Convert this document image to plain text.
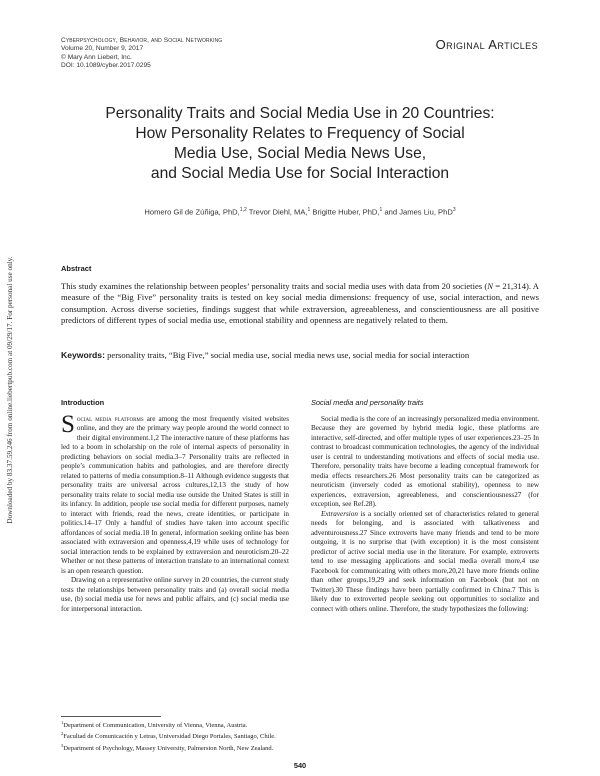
Downloaded by 83.37.59.246 from online.liebertpub.com at 09/29/17. For personal use only.
Cyberpsychology, Behavior, and Social Networking
Volume 20, Number 9, 2017
© Mary Ann Liebert, Inc.
DOI: 10.1089/cyber.2017.0295
Original Articles
Personality Traits and Social Media Use in 20 Countries:
How Personality Relates to Frequency of Social
Media Use, Social Media News Use,
and Social Media Use for Social Interaction
Homero Gil de Zúñiga, PhD,$^{1,2}$ Trevor Diehl, MA,$^1$ Brigitte Huber, PhD,$^1$ and James Liu, PhD$^3$
Abstract
This study examines the relationship between peoples’ personality traits and social media uses with data from 20 societies (N = 21,314). A measure of the “Big Five” personality traits is tested on key social media dimensions: frequency of use, social interaction, and news consumption. Across diverse societies, findings suggest that while extraversion, agreeableness, and conscientiousness are all positive predictors of different types of social media use, emotional stability and openness are negatively related to them.
Keywords: personality traits, “Big Five,” social media use, social media news use, social media for social interaction
Introduction

Social media platforms are among the most frequently visited websites online, and they are the primary way people around the world connect to their digital environment.1,2 The interactive nature of these platforms has led to a boom in scholarship on the role of internal aspects of personality in predicting behaviors on social media.3–7 Personality traits are reflected in people’s communication habits and pathologies, and are therefore directly related to patterns of media consumption.8–11 Although evidence suggests that personality traits are universal across cultures,12,13 the study of how personality traits relate to social media use outside the United States is still in its infancy. In addition, people use social media for different purposes, namely to interact with friends, read the news, create identities, or participate in politics.14–17 Only a handful of studies have taken into account specific affordances of social media.18 In general, information seeking online has been associated with extraversion and openness,4,19 while uses of technology for social interaction tends to be explained by extraversion and neuroticism.20–22 Whether or not these patterns of interaction translate to an international context is an open research question.

Drawing on a representative online survey in 20 countries, the current study tests the relationships between personality traits and (a) overall social media use, (b) social media use for news and public affairs, and (c) social media use for interpersonal interaction.

Social media and personality traits

Social media is the core of an increasingly personalized media environment. Because they are governed by hybrid media logic, these platforms are interactive, self-directed, and offer multiple types of user experiences.23–25 In contrast to broadcast communication technologies, the agency of the individual user is central to understanding motivations and effects of social media use. Therefore, personality traits have become a leading conceptual framework for media effects researchers.26 Most personality traits can be categorized as neuroticism (inversely coded as emotional stability), openness to new experiences, extraversion, agreeableness, and conscientiousness27 (for exception, see Ref.28).

Extraversion is a socially oriented set of characteristics related to general needs for belonging, and is associated with talkativeness and adventurousness.27 Since extroverts have many friends and tend to be more outgoing, it is no surprise that (with exception) it is the most consistent predictor of active social media use in the literature. For example, extroverts tend to use messaging applications and social media overall more,4 use Facebook for communicating with others more,20,21 have more friends online than other groups,19,29 and seek information on Facebook (but not on Twitter).30 These findings have been partially confirmed in China.7 This is likely due to extroverted people seeking out opportunities to socialize and connect with others online. Therefore, the study hypothesizes the following:

$^1$Department of Communication, University of Vienna, Vienna, Austria.
$^2$Facultad de Comunicación y Letras, Universidad Diego Portales, Santiago, Chile.
$^3$Department of Psychology, Massey University, Palmerston North, New Zealand.
540
